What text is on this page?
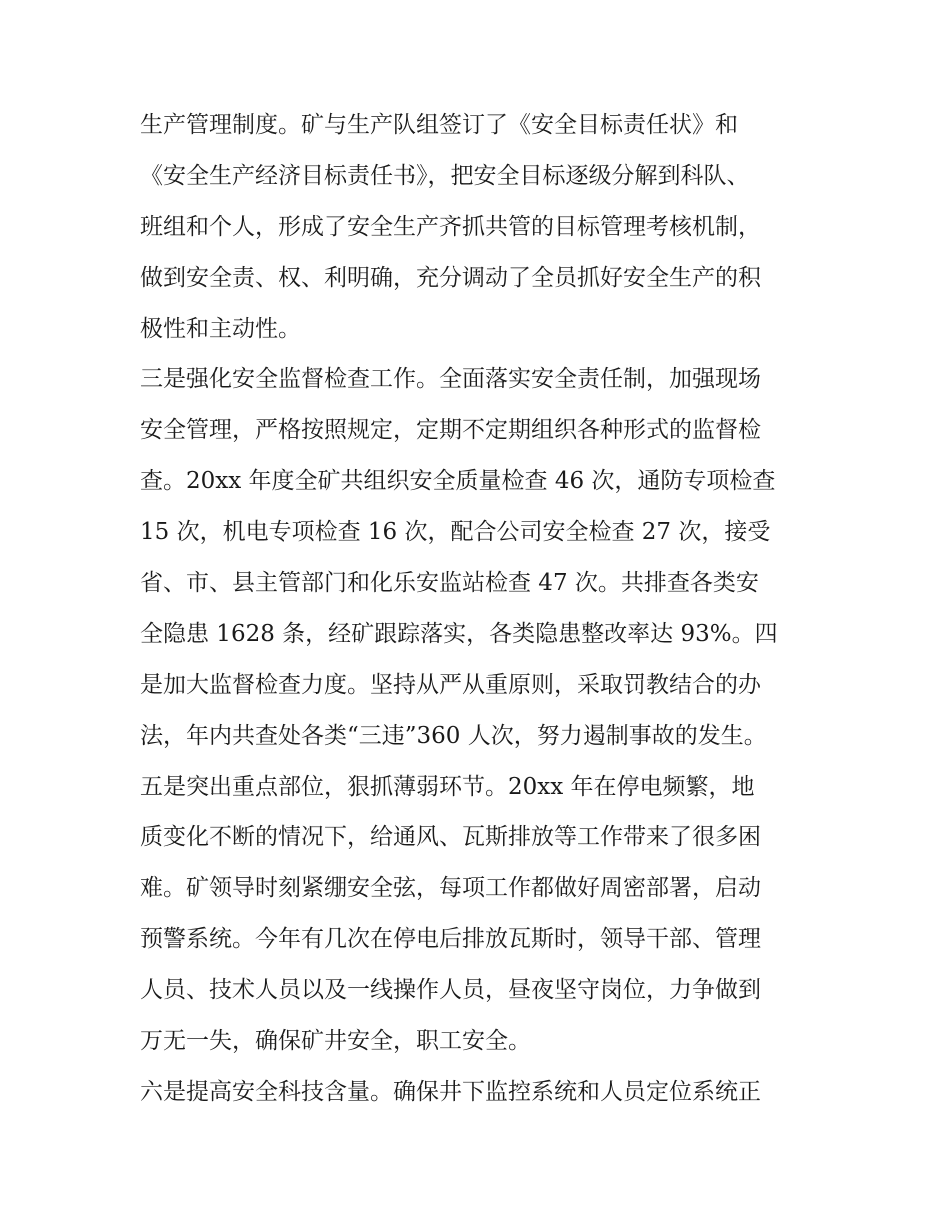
生产管理制度。矿与生产队组签订了《安全目标责任状》和
《安全生产经济目标责任书》，把安全目标逐级分解到科队、
班组和个人，形成了安全生产齐抓共管的目标管理考核机制，
做到安全责、权、利明确，充分调动了全员抓好安全生产的积
极性和主动性。
三是强化安全监督检查工作。全面落实安全责任制，加强现场
安全管理，严格按照规定，定期不定期组织各种形式的监督检
查。20xx 年度全矿共组织安全质量检查 46 次，通防专项检查
15 次，机电专项检查 16 次，配合公司安全检查 27 次，接受
省、市、县主管部门和化乐安监站检查 47 次。共排查各类安
全隐患 1628 条，经矿跟踪落实，各类隐患整改率达 93%。四
是加大监督检查力度。坚持从严从重原则，采取罚教结合的办
法，年内共查处各类“三违”360 人次，努力遏制事故的发生。
五是突出重点部位，狠抓薄弱环节。20xx 年在停电频繁，地
质变化不断的情况下，给通风、瓦斯排放等工作带来了很多困
难。矿领导时刻紧绷安全弦，每项工作都做好周密部署，启动
预警系统。今年有几次在停电后排放瓦斯时，领导干部、管理
人员、技术人员以及一线操作人员，昼夜坚守岗位，力争做到
万无一失，确保矿井安全，职工安全。
六是提高安全科技含量。确保井下监控系统和人员定位系统正
